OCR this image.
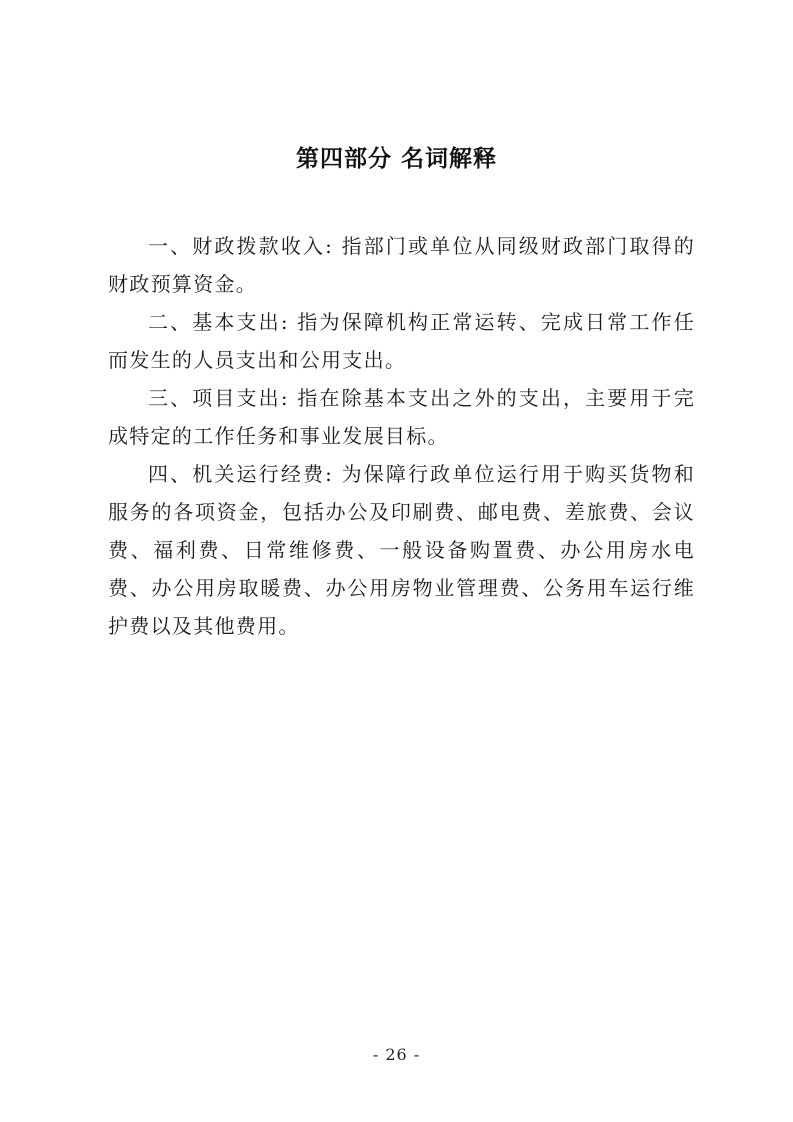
第四部分 名词解释

一、财政拨款收入: 指部门或单位从同级财政部门取得的财政预算资金。

二、基本支出: 指为保障机构正常运转、完成日常工作任而发生的人员支出和公用支出。

三、项目支出: 指在除基本支出之外的支出，主要用于完成特定的工作任务和事业发展目标。

四、机关运行经费: 为保障行政单位运行用于购买货物和服务的各项资金，包括办公及印刷费、邮电费、差旅费、会议费、福利费、日常维修费、一般设备购置费、办公用房水电费、办公用房取暖费、办公用房物业管理费、公务用车运行维护费以及其他费用。

- 26 -
